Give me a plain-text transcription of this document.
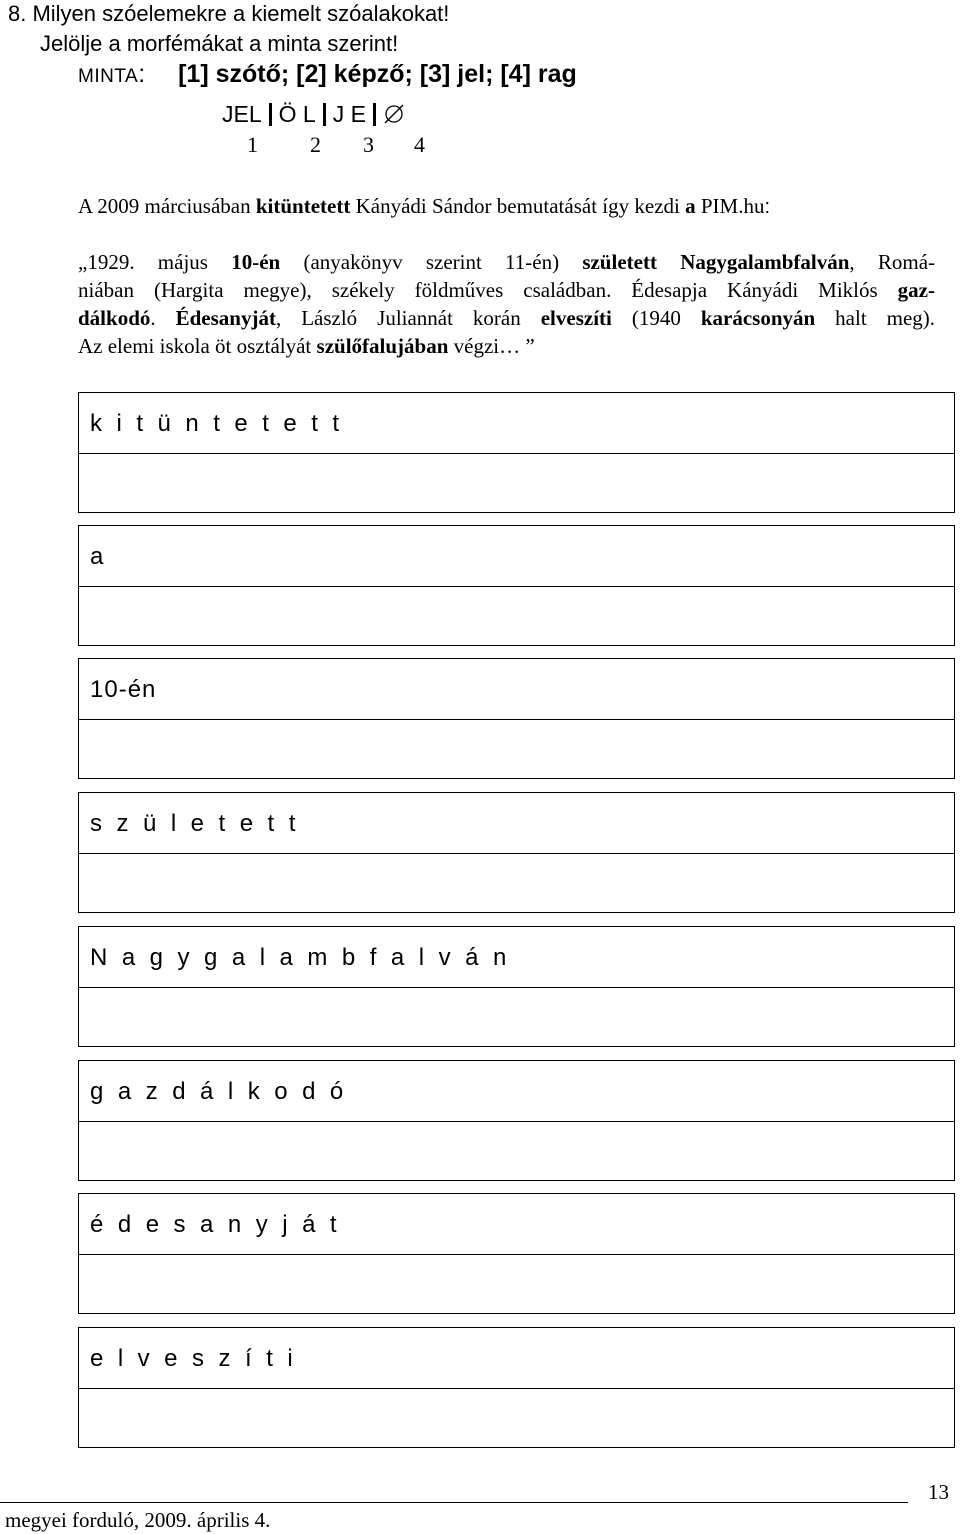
8. Milyen szóelemekre a kiemelt szóalakokat!
Jelölje a morfémákat a minta szerint!
MINTA: [1] szótő; [2] képző; [3] jel; [4] rag
JEL Ö L J E
1 2 3 4
A 2009 márciusában kitüntetett Kányádi Sándor bemutatását így kezdi a PIM.hu:
„1929. május 10-én (anyakönyv szerint 11-én) született Nagygalambfalván, Romá-
niában (Hargita megye), székely földműves családban. Édesapja Kányádi Miklós gaz-
dálkodó. Édesanyját, László Juliannát korán elveszíti (1940 karácsonyán halt meg).
Az elemi iskola öt osztályát szülőfalujában végzi… ”
kitüntetett
a
10-én
született
Nagygalambfalván
gazdálkodó
édesanyját
elveszíti
megyei forduló, 2009. április 4.
13
